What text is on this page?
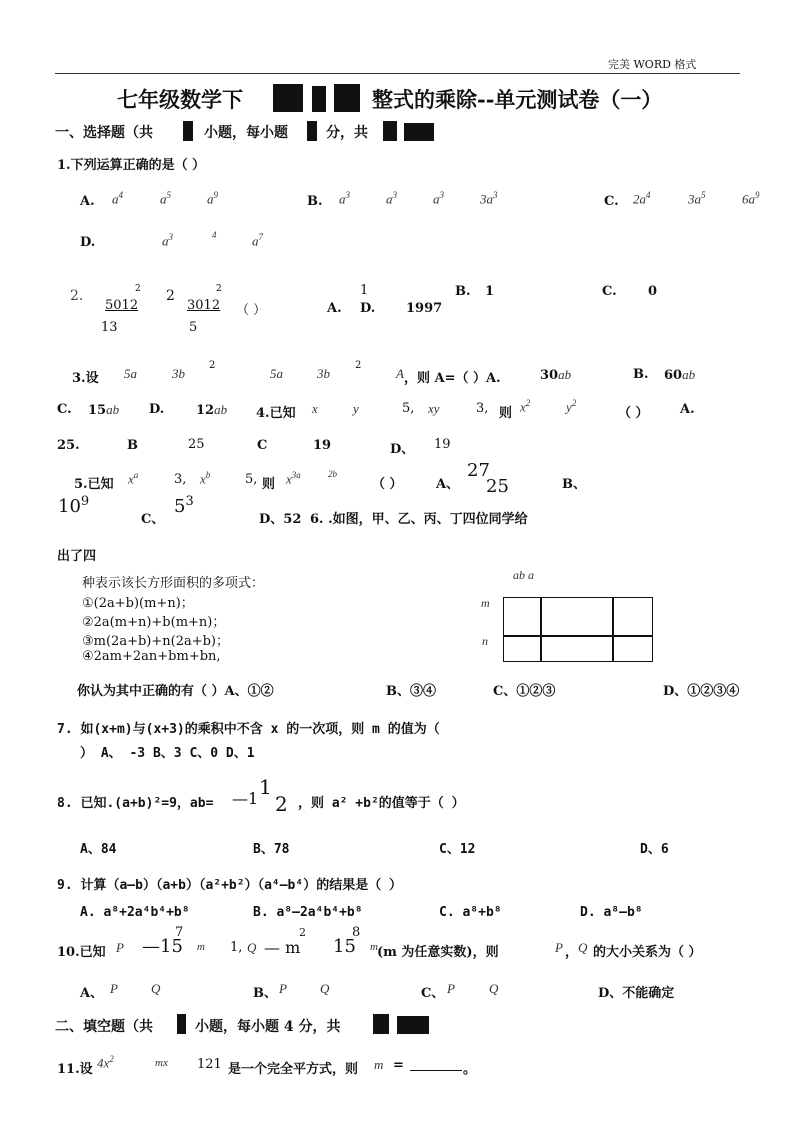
完美 WORD 格式
七年级数学下	整式的乘除--单元测试卷（一）
一、选择题（共	小题，每小题	分，共
1.下列运算正确的是（ ）
A. $a^4$	$a^5$	$a^9$	B. $a^3$	$a^3$	$a^3$	$3a^3$	C. $2a^4$	$3a^5$	$6a^9$
D.	$a^3$	4	$a^7$
2.	2
5012
13
2	2
3012
5
（ ）	A.
1
D. 1997
B. 1	C. 0
3.设 5a	3b
2
5a	3b
2
A ，则 A=（ ）A.	30ab	B. 60ab
C. 15ab D. 12ab 4.已知 x	y	5, xy	3, 则 $x^2$	$y^2$
（ ） A.
25.	B	25	C	19	D、 19
5.已知 $x^a$	3, $x^b$	5, 则 $x^{3a}$	2b
（ ）	A、
27
25	B、
$10^9$
C、
$5^3$
D、52 6. .如图，甲、乙、丙、丁四位同学给
出了四
种表示该长方形面积的多项式：
①(2a+b)(m+n)；
②2a(m+n)+b(m+n)；
③m(2a+b)+n(2a+b)；
④2am+2an+bm+bn,
ab a
m
n
你认为其中正确的有（ ）A、①②	B、③④	C、①②③	D、①②③④
7. 如(x+m)与(x+3)的乘积中不含 x 的一次项，则 m 的值为（
） A、 -3 B、3 C、0 D、1
8. 已知.(a+b)²=9，ab= —1 1
2 ，则 a² +b²的值等于（ ）
A、84	B、78	C、12	D、6
9. 计算（a—b）（a+b）（a²+b²）（a⁴—b⁴）的结果是（ ）
A. a⁸+2a⁴b⁴+b⁸	B. a⁸—2a⁴b⁴+b⁸	C. a⁸+b⁸	D. a⁸—b⁸
10.已知 P —15
7
m 1, Q — m
2
15
8
m (m 为任意实数)，则	P ， Q 的大小关系为（ ）
A、 P	Q	B、 P	Q	C、 P	Q	D、不能确定
二、填空题（共	小题，每小题 4 分，共
11.设 $4x^2$	mx 121 是一个完全平方式，则 m =	。
